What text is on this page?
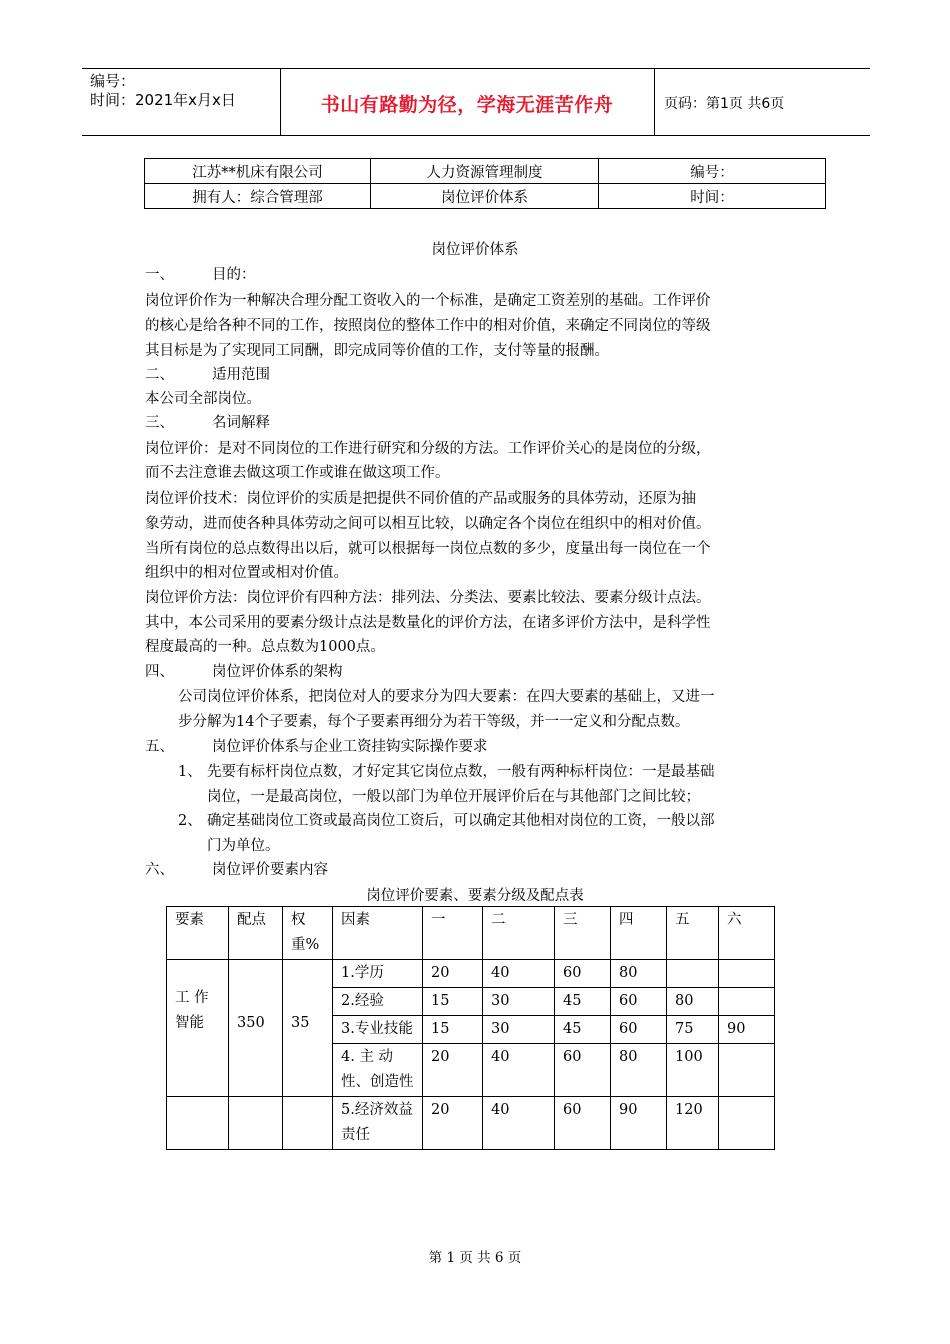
编号：
时间：2021年x月x日	书山有路勤为径，学海无涯苦作舟	页码：第1页 共6页
江苏**机床有限公司	人力资源管理制度	编号：
拥有人：综合管理部	岗位评价体系	时间：
岗位评价体系
一、	目的：
岗位评价作为一种解决合理分配工资收入的一个标准，是确定工资差别的基础。工作评价
的核心是给各种不同的工作，按照岗位的整体工作中的相对价值，来确定不同岗位的等级
其目标是为了实现同工同酬，即完成同等价值的工作，支付等量的报酬。
二、	适用范围
本公司全部岗位。
三、	名词解释
岗位评价：是对不同岗位的工作进行研究和分级的方法。工作评价关心的是岗位的分级，
而不去注意谁去做这项工作或谁在做这项工作。
岗位评价技术：岗位评价的实质是把提供不同价值的产品或服务的具体劳动，还原为抽
象劳动，进而使各种具体劳动之间可以相互比较，以确定各个岗位在组织中的相对价值。
当所有岗位的总点数得出以后，就可以根据每一岗位点数的多少，度量出每一岗位在一个
组织中的相对位置或相对价值。
岗位评价方法：岗位评价有四种方法：排列法、分类法、要素比较法、要素分级计点法。
其中，本公司采用的要素分级计点法是数量化的评价方法，在诸多评价方法中，是科学性
程度最高的一种。总点数为1000点。
四、	岗位评价体系的架构
公司岗位评价体系，把岗位对人的要求分为四大要素：在四大要素的基础上，又进一
步分解为14个子要素，每个子要素再细分为若干等级，并一一定义和分配点数。
五、	岗位评价体系与企业工资挂钩实际操作要求
1、 先要有标杆岗位点数，才好定其它岗位点数，一般有两种标杆岗位：一是最基础
岗位，一是最高岗位，一般以部门为单位开展评价后在与其他部门之间比较；
2、 确定基础岗位工资或最高岗位工资后，可以确定其他相对岗位的工资，一般以部
门为单位。
六、	岗位评价要素内容
岗位评价要素、要素分级及配点表
要素	配点	权重%	因素	一	二	三	四	五	六
工 作智能	350	35	1.学历	20	40	60	80		
			2.经验	15	30	45	60	80	
			3.专业技能	15	30	45	60	75	90
			4. 主 动性、创造性	20	40	60	80	100	
			5.经济效益责任	20	40	60	90	120	
第 1 页 共 6 页
